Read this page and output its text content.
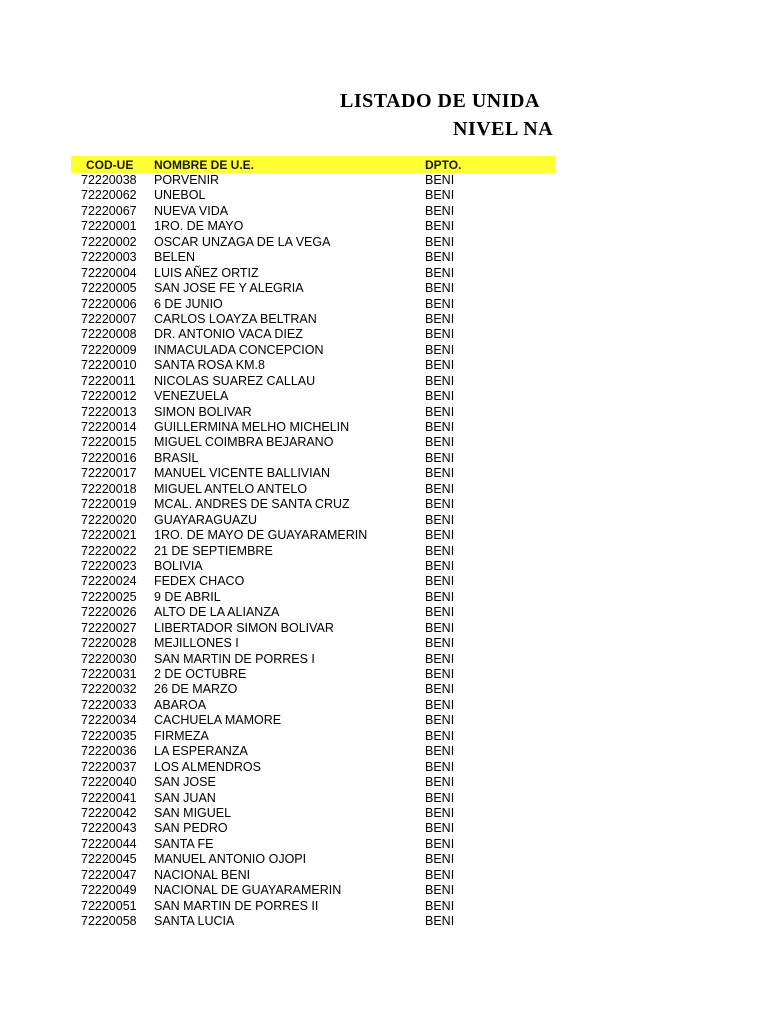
LISTADO DE UNIDA
NIVEL NA
COD-UE NOMBRE DE U.E.	DPTO.
72220038 PORVENIR	BENI
72220062 UNEBOL	BENI
72220067 NUEVA VIDA	BENI
72220001 1RO. DE MAYO	BENI
72220002 OSCAR UNZAGA DE LA VEGA	BENI
72220003 BELEN	BENI
72220004 LUIS AÑEZ ORTIZ	BENI
72220005 SAN JOSE FE Y ALEGRIA	BENI
72220006 6 DE JUNIO	BENI
72220007 CARLOS LOAYZA BELTRAN	BENI
72220008 DR. ANTONIO VACA DIEZ	BENI
72220009 INMACULADA CONCEPCION	BENI
72220010 SANTA ROSA KM.8	BENI
72220011 NICOLAS SUAREZ CALLAU	BENI
72220012 VENEZUELA	BENI
72220013 SIMON BOLIVAR	BENI
72220014 GUILLERMINA MELHO MICHELIN	BENI
72220015 MIGUEL COIMBRA BEJARANO	BENI
72220016 BRASIL	BENI
72220017 MANUEL VICENTE BALLIVIAN	BENI
72220018 MIGUEL ANTELO ANTELO	BENI
72220019 MCAL. ANDRES DE SANTA CRUZ	BENI
72220020 GUAYARAGUAZU	BENI
72220021 1RO. DE MAYO DE GUAYARAMERIN	BENI
72220022 21 DE SEPTIEMBRE	BENI
72220023 BOLIVIA	BENI
72220024 FEDEX CHACO	BENI
72220025 9 DE ABRIL	BENI
72220026 ALTO DE LA ALIANZA	BENI
72220027 LIBERTADOR SIMON BOLIVAR	BENI
72220028 MEJILLONES I	BENI
72220030 SAN MARTIN DE PORRES I	BENI
72220031 2 DE OCTUBRE	BENI
72220032 26 DE MARZO	BENI
72220033 ABAROA	BENI
72220034 CACHUELA MAMORE	BENI
72220035 FIRMEZA	BENI
72220036 LA ESPERANZA	BENI
72220037 LOS ALMENDROS	BENI
72220040 SAN JOSE	BENI
72220041 SAN JUAN	BENI
72220042 SAN MIGUEL	BENI
72220043 SAN PEDRO	BENI
72220044 SANTA FE	BENI
72220045 MANUEL ANTONIO OJOPI	BENI
72220047 NACIONAL BENI	BENI
72220049 NACIONAL DE GUAYARAMERIN	BENI
72220051 SAN MARTIN DE PORRES II	BENI
72220058 SANTA LUCIA	BENI
